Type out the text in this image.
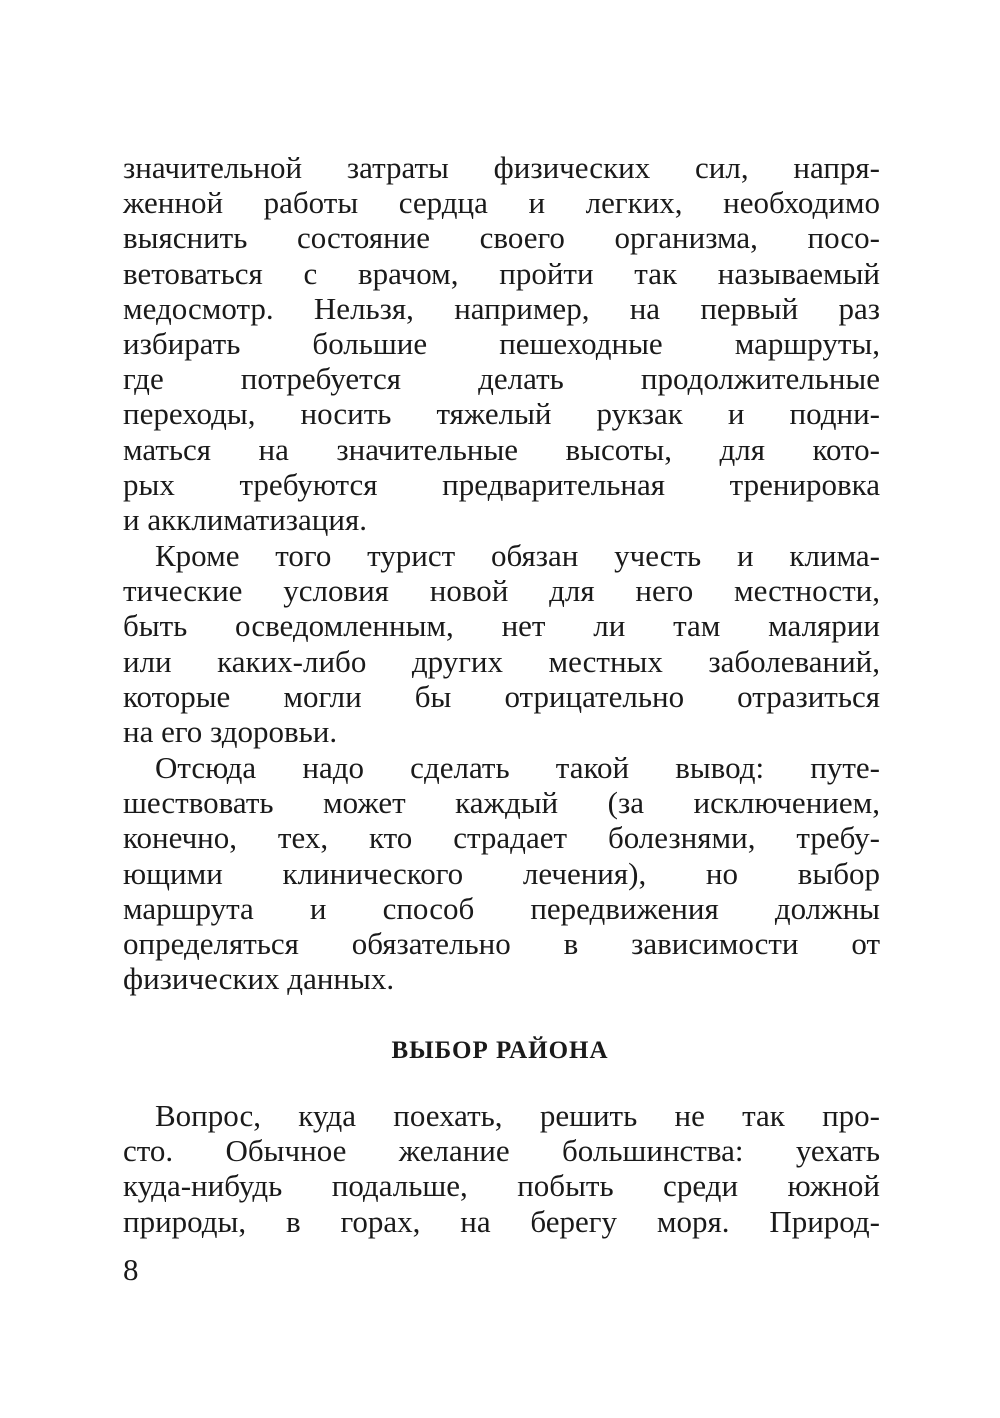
значительной затраты физических сил, напря-
женной работы сердца и легких, необходимо
выяснить состояние своего организма, посо-
ветоваться с врачом, пройти так называемый
медосмотр. Нельзя, например, на первый раз
избирать большие пешеходные маршруты,
где потребуется делать продолжительные
переходы, носить тяжелый рукзак и подни-
маться на значительные высоты, для кото-
рых требуются предварительная тренировка
и акклиматизация.
Кроме того турист обязан учесть и клима-
тические условия новой для него местности,
быть осведомленным, нет ли там малярии
или каких-либо других местных заболеваний,
которые могли бы отрицательно отразиться
на его здоровьи.
Отсюда надо сделать такой вывод: путе-
шествовать может каждый (за исключением,
конечно, тех, кто страдает болезнями, требу-
ющими клинического лечения), но выбор
маршрута и способ передвижения должны
определяться обязательно в зависимости от
физических данных.
ВЫБОР РАЙОНА
Вопрос, куда поехать, решить не так про-
сто. Обычное желание большинства: уехать
куда-нибудь подальше, побыть среди южной
природы, в горах, на берегу моря. Природ-
8
